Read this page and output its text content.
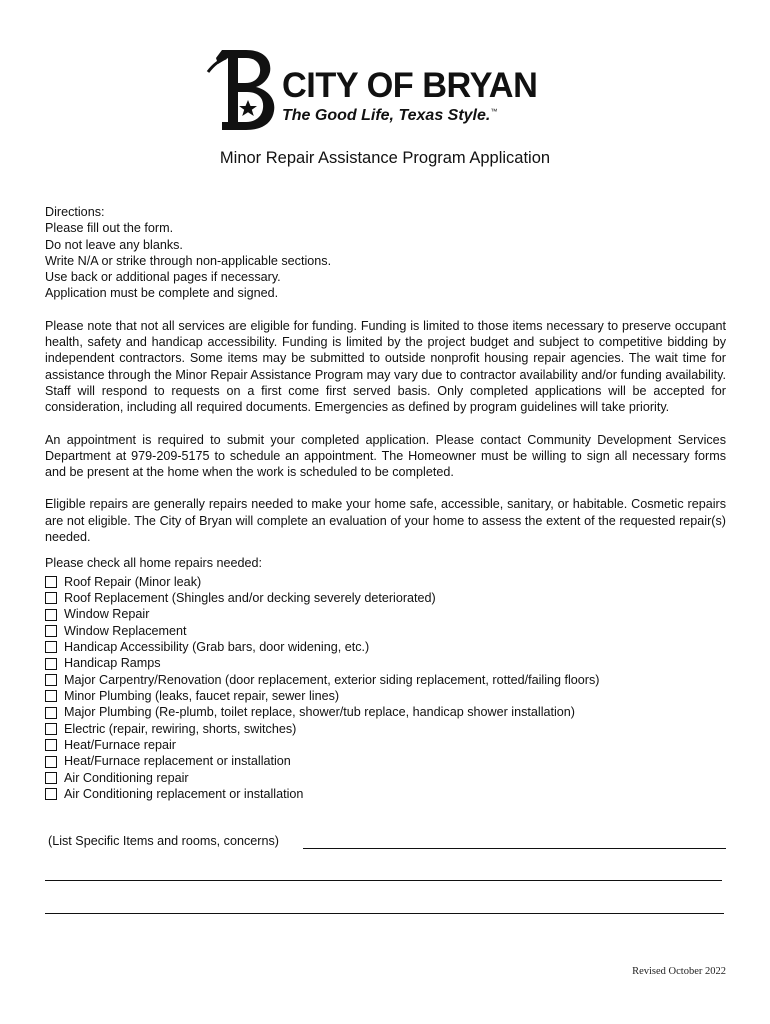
CITY OF BRYAN
The Good Life, Texas Style.™
Minor Repair Assistance Program Application
Directions:
Please fill out the form.
Do not leave any blanks.
Write N/A or strike through non-applicable sections.
Use back or additional pages if necessary.
Application must be complete and signed.

Please note that not all services are eligible for funding. Funding is limited to those items necessary to preserve occupant health, safety and handicap accessibility. Funding is limited by the project budget and subject to competitive bidding by independent contractors. Some items may be submitted to outside nonprofit housing repair agencies. The wait time for assistance through the Minor Repair Assistance Program may vary due to contractor availability and/or funding availability. Staff will respond to requests on a first come first served basis. Only completed applications will be accepted for consideration, including all required documents. Emergencies as defined by program guidelines will take priority.

An appointment is required to submit your completed application. Please contact Community Development Services Department at 979-209-5175 to schedule an appointment. The Homeowner must be willing to sign all necessary forms and be present at the home when the work is scheduled to be completed.

Eligible repairs are generally repairs needed to make your home safe, accessible, sanitary, or habitable. Cosmetic repairs are not eligible. The City of Bryan will complete an evaluation of your home to assess the extent of the requested repair(s) needed.

Please check all home repairs needed:
Roof Repair (Minor leak)
Roof Replacement (Shingles and/or decking severely deteriorated)
Window Repair
Window Replacement
Handicap Accessibility (Grab bars, door widening, etc.)
Handicap Ramps
Major Carpentry/Renovation (door replacement, exterior siding replacement, rotted/failing floors)
Minor Plumbing (leaks, faucet repair, sewer lines)
Major Plumbing (Re-plumb, toilet replace, shower/tub replace, handicap shower installation)
Electric (repair, rewiring, shorts, switches)
Heat/Furnace repair
Heat/Furnace replacement or installation
Air Conditioning repair
Air Conditioning replacement or installation
(List Specific Items and rooms, concerns)
Revised October 2022
